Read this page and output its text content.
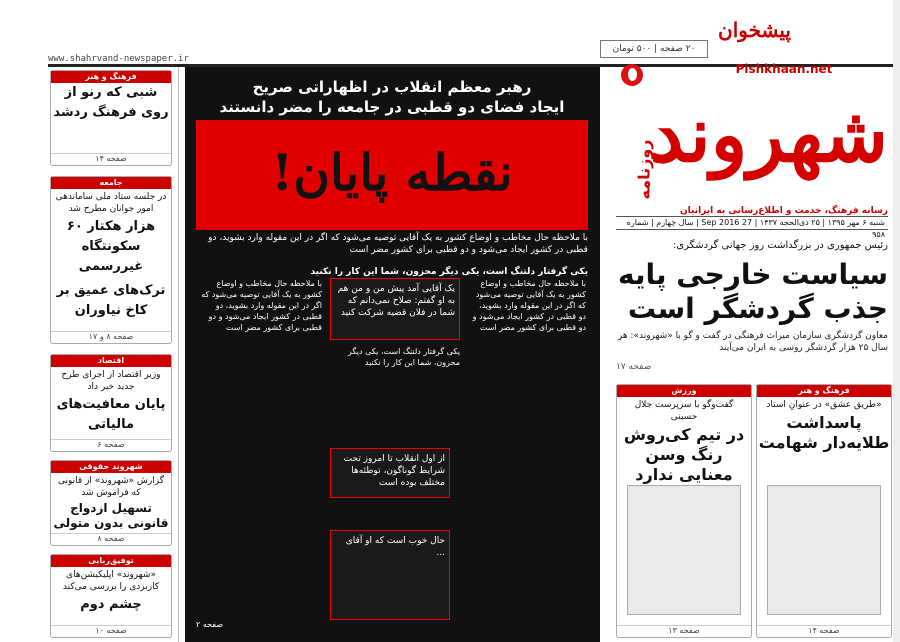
www.shahrvand-newspaper.ir
۲۰ صفحه | ۵۰۰ تومان
پیشخوان
Pishkhaan.net
شهروند
روزنامه
رسانه فرهنگ، خدمت و اطلاع‌رسانی به ایرانیان
شنبه ۶ مهر ۱۳۹۵ | ۲۵ ذی‌الحجه ۱۴۳۷ | 27 Sep 2016 | سال چهارم | شماره ۹۵۸
رئیس جمهوری در بزرگداشت روز جهانی گردشگری:
سیاست خارجی پایه جذب گردشگر است
معاون گردشگری سازمان میراث فرهنگی در گفت و گو با «شهروند»: هر سال ۲۵ هزار گردشگر روسی به ایران می‌آیند
صفحه ۱۷
ورزش
گفت‌وگو با سرپرست جلال حسینی
در تیم کی‌روش رنگ وسن معنایی ندارد
صفحه ۱۳
فرهنگ و هنر
«طریق عشق» در عنوانِ استاد
پاسداشت طلایه‌دار شهامت
صفحه ۱۴
فرهنگ و هنر
شبی که رنو از روی فرهنگ ردشد
صفحه ۱۴
جامعه
در جلسه ستاد ملی ساماندهی امور جوانان مطرح شد
۶۰ هزار هکتار سکونتگاه غیررسمی
ترک‌های عمیق بر کاخ نیاوران
صفحه ۸ و ۱۷
اقتصاد
وزیر اقتصاد از اجرای طرح جدید خبر داد
پایان معافیت‌های مالیاتی
صفحه ۶
شهروند حقوقی
گزارش «شهروند» از قانونی که فراموش شد
تسهیل ازدواج قانونی بدون متولی
صفحه ۸
توفیق‌ربایی
«شهروند» اپلیکیشن‌های کاربردی را بررسی می‌کند
چشم دوم
صفحه ۱۰
رهبر معظم انقلاب در اظهاراتی صریح
ایجاد فضای دو قطبی در جامعه را مضر دانستند
نقطه پایان!
با ملاحظه حال مخاطب و اوضاع کشور به یک آقایی توصیه می‌شود که اگر در این مقوله وارد بشوید، دو قطبی در کشور ایجاد می‌شود و دو قطبی برای کشور مضر است
یکی گرفتار دلتنگ است، یکی دیگر محزون، شما این کار را نکنید
یک آقایی آمد پیش من و من هم به او گفتم: صلاح نمی‌دانم که شما در فلان قضیه شرکت کنید
از اول انقلاب تا امروز تحت شرایط گوناگون، توطئه‌ها مختلف بوده است
حال خوب است که او آقای ...
با ملاحظه حال مخاطب و اوضاع کشور به یک آقایی توصیه می‌شود که اگر در این مقوله وارد بشوید، دو قطبی در کشور ایجاد می‌شود و دو قطبی برای کشور مضر است
یکی گرفتار دلتنگ است، یکی دیگر محزون، شما این کار را نکنید
با ملاحظه حال مخاطب و اوضاع کشور به یک آقایی توصیه می‌شود که اگر در این مقوله وارد بشوید، دو قطبی در کشور ایجاد می‌شود و دو قطبی برای کشور مضر است
صفحه ۲
